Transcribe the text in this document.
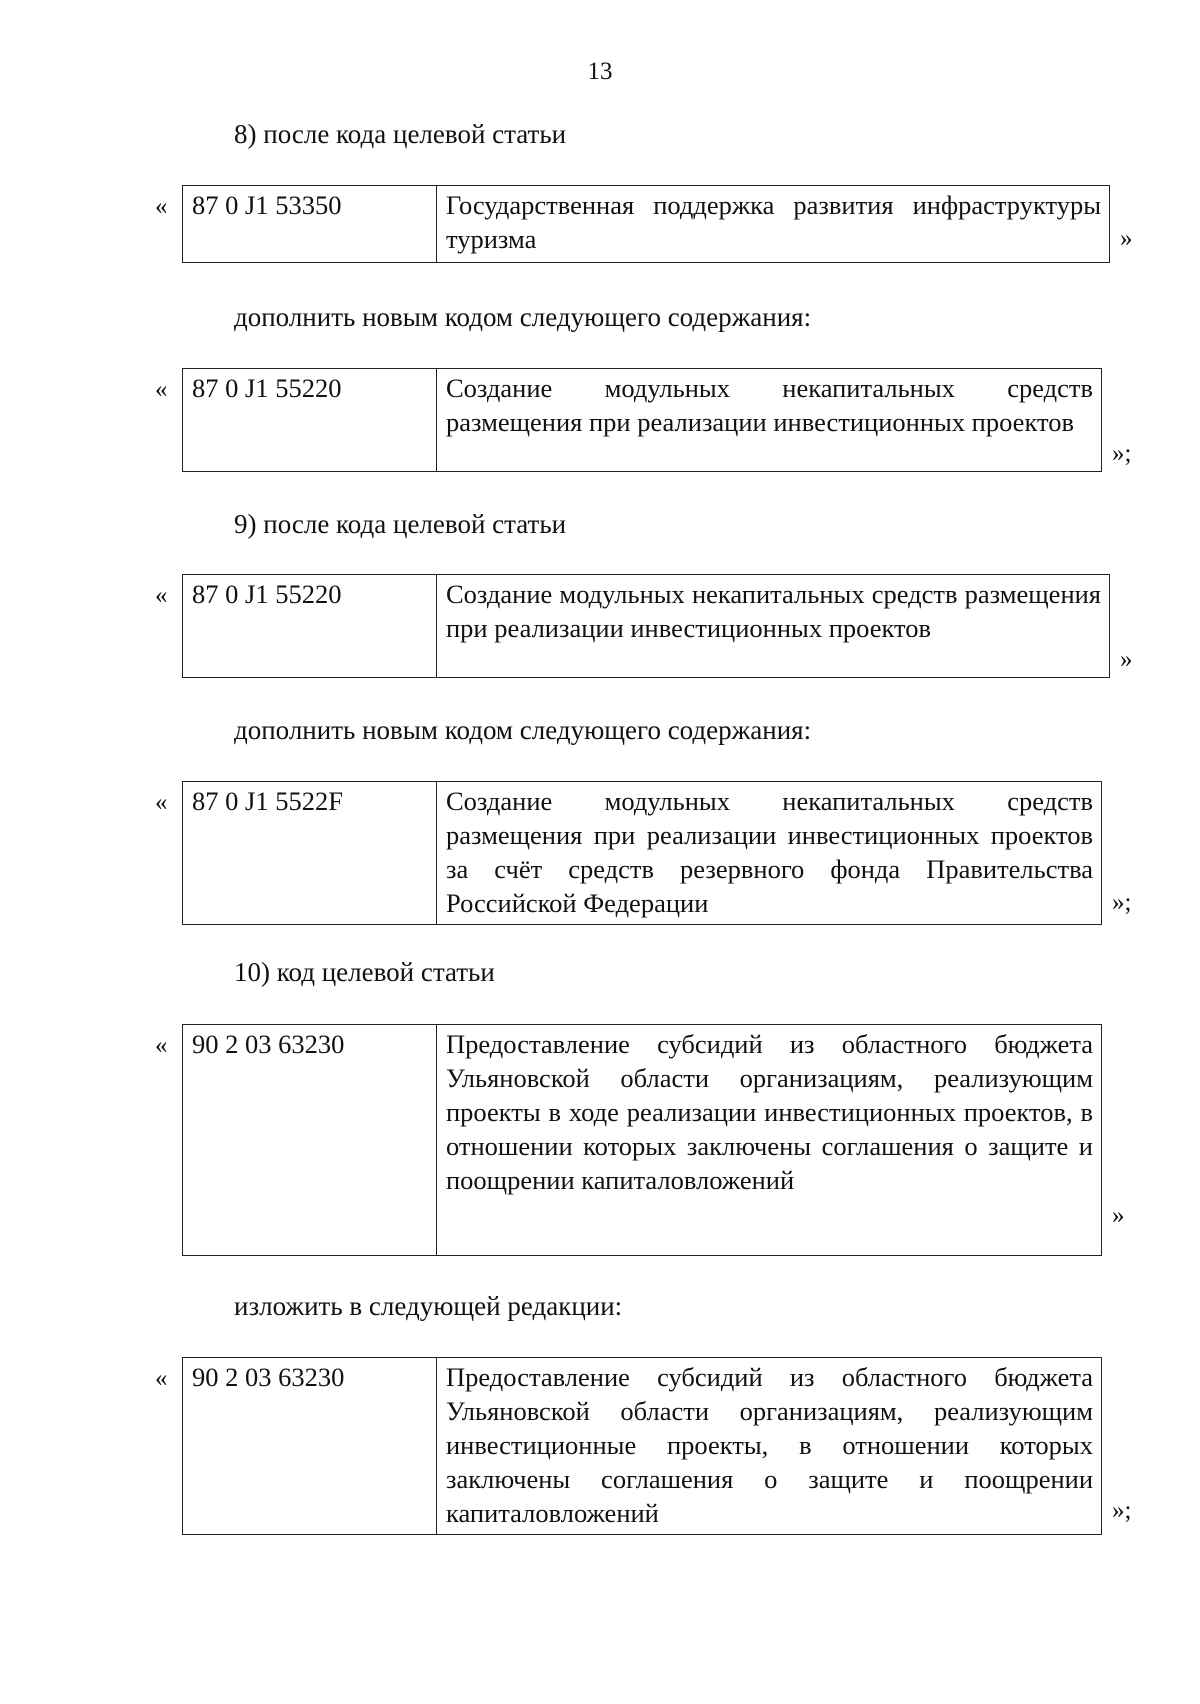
13
8) после кода целевой статьи
« 87 0 J1 53350	Государственная поддержка развития инфраструктуры туризма	»
дополнить новым кодом следующего содержания:
« 87 0 J1 55220	Создание модульных некапитальных средств размещения при реализации инвестиционных проектов
»;
9) после кода целевой статьи
« 87 0 J1 55220	Создание модульных некапитальных средств размещения при реализации инвестиционных проектов
»
дополнить новым кодом следующего содержания:
« 87 0 J1 5522F	Создание модульных некапитальных средств размещения при реализации инвестиционных проектов за счёт средств резервного фонда Правительства Российской Федерации	»;
10) код целевой статьи
« 90 2 03 63230	Предоставление субсидий из областного бюджета Ульяновской области организациям, реализующим проекты в ходе реализации инвестиционных проектов, в отношении которых заключены соглашения о защите и поощрении капиталовложений
»
изложить в следующей редакции:
« 90 2 03 63230	Предоставление субсидий из областного бюджета Ульяновской области организациям, реализующим инвестиционные проекты, в отношении которых заключены соглашения о защите и поощрении капиталовложений	»;
